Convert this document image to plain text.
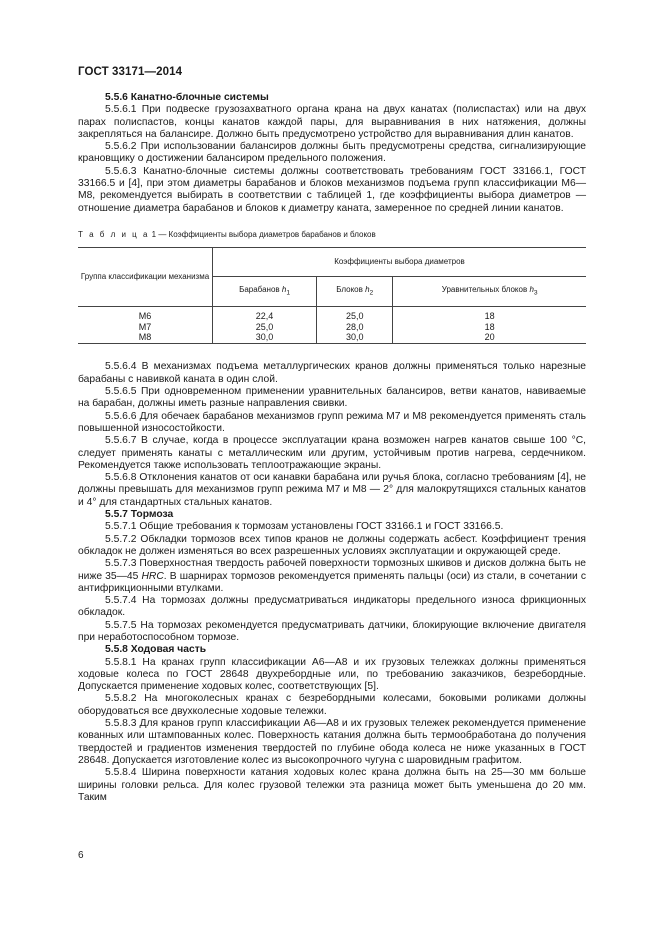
ГОСТ 33171—2014

5.5.6 Канатно-блочные системы

5.5.6.1 При подвеске грузозахватного органа крана на двух канатах (полиспастах) или на двух парах полиспастов, концы канатов каждой пары, для выравнивания в них натяжения, должны закрепляться на балансире. Должно быть предусмотрено устройство для выравнивания длин канатов.

5.5.6.2 При использовании балансиров должны быть предусмотрены средства, сигнализирующие крановщику о достижении балансиром предельного положения.

5.5.6.3 Канатно-блочные системы должны соответствовать требованиям ГОСТ 33166.1, ГОСТ 33166.5 и [4], при этом диаметры барабанов и блоков механизмов подъема групп классификации М6—М8, рекомендуется выбирать в соответствии с таблицей 1, где коэффициенты выбора диаметров — отношение диаметра барабанов и блоков к диаметру каната, замеренное по средней линии канатов.

Т а б л и ц а 1 — Коэффициенты выбора диаметров барабанов и блоков

Группа классификации механизма	Коэффициенты выбора диаметров		
	Барабанов $h_1$	Блоков $h_2$	Уравнительных блоков $h_3$
М6	22,4	25,0	18
М7	25,0	28,0	18
М8	30,0	30,0	20

5.5.6.4 В механизмах подъема металлургических кранов должны применяться только нарезные барабаны с навивкой каната в один слой.

5.5.6.5 При одновременном применении уравнительных балансиров, ветви канатов, навиваемые на барабан, должны иметь разные направления свивки.

5.5.6.6 Для обечаек барабанов механизмов групп режима М7 и М8 рекомендуется применять сталь повышенной износостойкости.

5.5.6.7 В случае, когда в процессе эксплуатации крана возможен нагрев канатов свыше 100 °С, следует применять канаты с металлическим или другим, устойчивым против нагрева, сердечником. Рекомендуется также использовать теплоотражающие экраны.

5.5.6.8 Отклонения канатов от оси канавки барабана или ручья блока, согласно требованиям [4], не должны превышать для механизмов групп режима М7 и М8 — 2° для малокрутящихся стальных канатов и 4° для стандартных стальных канатов.

5.5.7 Тормоза

5.5.7.1 Общие требования к тормозам установлены ГОСТ 33166.1 и ГОСТ 33166.5.

5.5.7.2 Обкладки тормозов всех типов кранов не должны содержать асбест. Коэффициент трения обкладок не должен изменяться во всех разрешенных условиях эксплуатации и окружающей среде.

5.5.7.3 Поверхностная твердость рабочей поверхности тормозных шкивов и дисков должна быть не ниже 35—45 HRC. В шарнирах тормозов рекомендуется применять пальцы (оси) из стали, в сочетании с антифрикционными втулками.

5.5.7.4 На тормозах должны предусматриваться индикаторы предельного износа фрикционных обкладок.

5.5.7.5 На тормозах рекомендуется предусматривать датчики, блокирующие включение двигателя при неработоспособном тормозе.

5.5.8 Ходовая часть

5.5.8.1 На кранах групп классификации А6—А8 и их грузовых тележках должны применяться ходовые колеса по ГОСТ 28648 двухребордные или, по требованию заказчиков, безребордные. Допускается применение ходовых колес, соответствующих [5].

5.5.8.2 На многоколесных кранах с безребордными колесами, боковыми роликами должны оборудоваться все двухколесные ходовые тележки.

5.5.8.3 Для кранов групп классификации А6—А8 и их грузовых тележек рекомендуется применение кованных или штампованных колес. Поверхность катания должна быть термообработана до получения твердостей и градиентов изменения твердостей по глубине обода колеса не ниже указанных в ГОСТ 28648. Допускается изготовление колес из высокопрочного чугуна с шаровидным графитом.

5.5.8.4 Ширина поверхности катания ходовых колес крана должна быть на 25—30 мм больше ширины головки рельса. Для колес грузовой тележки эта разница может быть уменьшена до 20 мм. Таким

6
